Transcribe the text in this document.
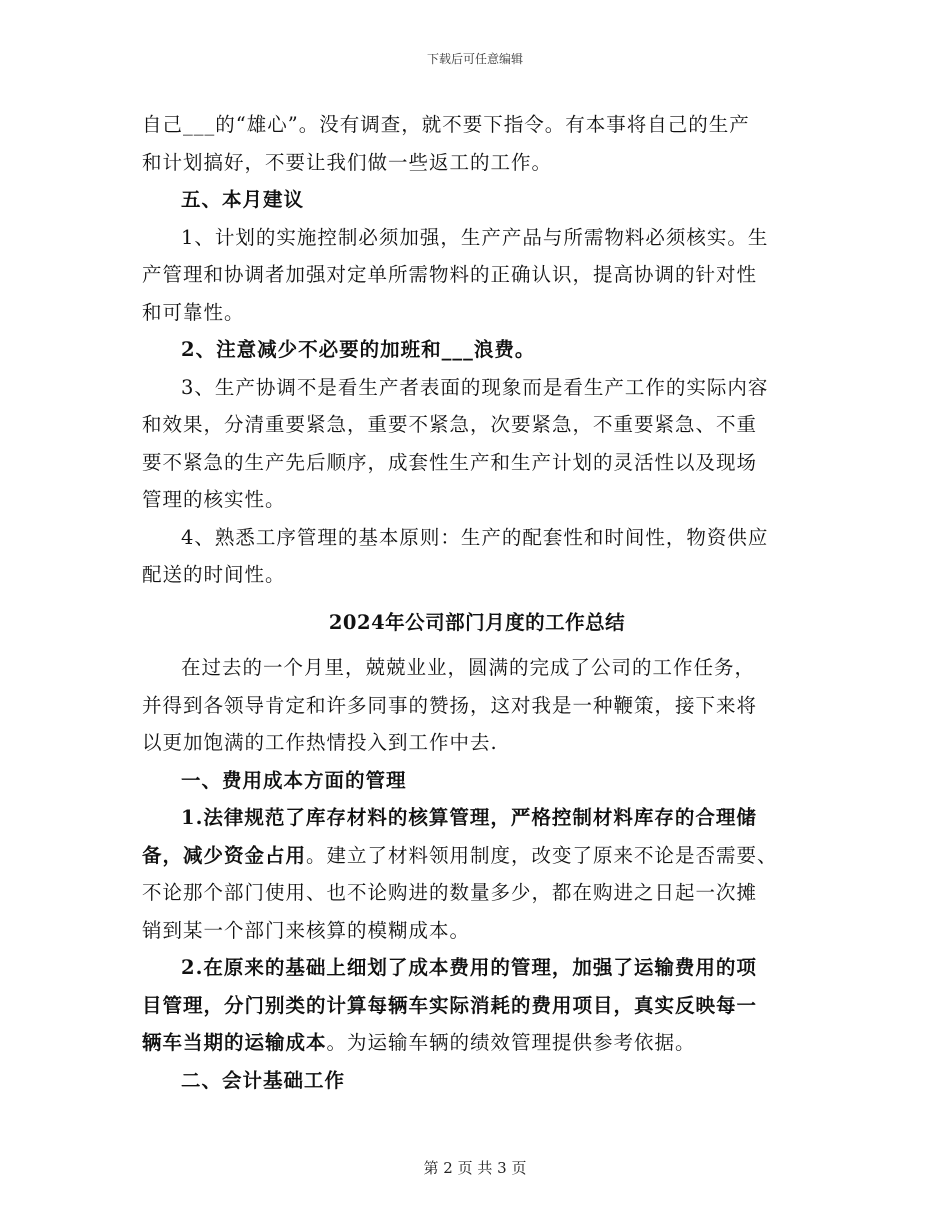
下载后可任意编辑

自己___的“雄心”。没有调查，就不要下指令。有本事将自己的生产

和计划搞好，不要让我们做一些返工的工作。

五、本月建议

1、计划的实施控制必须加强，生产产品与所需物料必须核实。生

产管理和协调者加强对定单所需物料的正确认识，提高协调的针对性

和可靠性。

2、注意减少不必要的加班和___浪费。

3、生产协调不是看生产者表面的现象而是看生产工作的实际内容

和效果，分清重要紧急，重要不紧急，次要紧急，不重要紧急、不重

要不紧急的生产先后顺序，成套性生产和生产计划的灵活性以及现场

管理的核实性。

4、熟悉工序管理的基本原则：生产的配套性和时间性，物资供应

配送的时间性。

2024年公司部门月度的工作总结

在过去的一个月里，兢兢业业，圆满的完成了公司的工作任务，

并得到各领导肯定和许多同事的赞扬，这对我是一种鞭策，接下来将

以更加饱满的工作热情投入到工作中去.

一、费用成本方面的管理

1.法律规范了库存材料的核算管理，严格控制材料库存的合理储

备，减少资金占用。建立了材料领用制度，改变了原来不论是否需要、

不论那个部门使用、也不论购进的数量多少，都在购进之日起一次摊

销到某一个部门来核算的模糊成本。

2.在原来的基础上细划了成本费用的管理，加强了运输费用的项

目管理，分门别类的计算每辆车实际消耗的费用项目，真实反映每一

辆车当期的运输成本。为运输车辆的绩效管理提供参考依据。

二、会计基础工作

第 2 页 共 3 页
